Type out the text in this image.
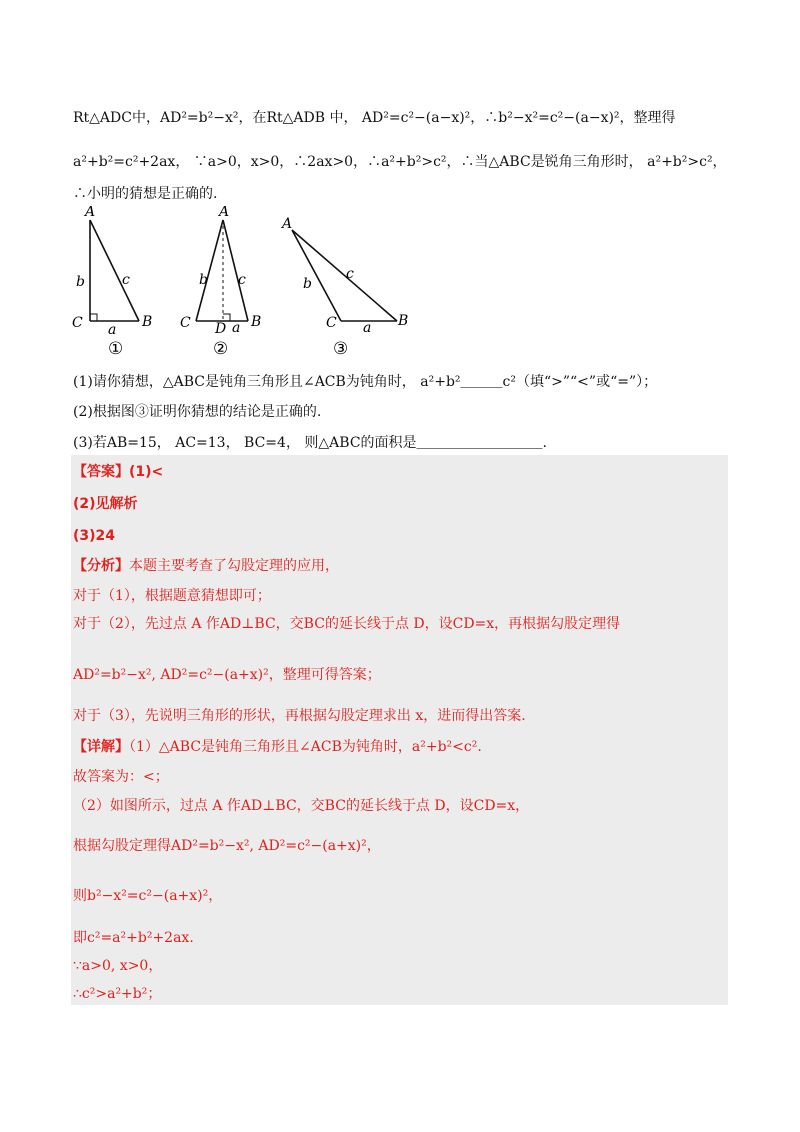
Rt△ADC中，AD²=b²−x²，在Rt△ADB 中， AD²=c²−(a−x)²，∴b²−x²=c²−(a−x)²，整理得
a²+b²=c²+2ax， ∵a>0，x>0，∴2ax>0，∴a²+b²>c²，∴当△ABC是锐角三角形时， a²+b²>c²，
∴小明的猜想是正确的.
A
b	c
C a B
①
A
b c
C D a B
②
A
b
c
C a B
③
(1)请你猜想，△ABC是钝角三角形且∠ACB为钝角时， a²+b²＿＿＿c²（填“>”“<”或“=”）；
(2)根据图③证明你猜想的结论是正确的.
(3)若AB=15， AC=13， BC=4， 则△ABC的面积是＿＿＿＿＿＿＿＿＿.
【答案】(1)<
(2)见解析
(3)24
【分析】本题主要考查了勾股定理的应用，
对于（1），根据题意猜想即可；
对于（2），先过点 A 作AD⊥BC，交BC的延长线于点 D，设CD=x，再根据勾股定理得
AD²=b²−x², AD²=c²−(a+x)²，整理可得答案；
对于（3），先说明三角形的形状，再根据勾股定理求出 x，进而得出答案.
【详解】（1）△ABC是钝角三角形且∠ACB为钝角时，a²+b²<c².
故答案为：<；
（2）如图所示，过点 A 作AD⊥BC，交BC的延长线于点 D，设CD=x，
根据勾股定理得AD²=b²−x², AD²=c²−(a+x)²，
则b²−x²=c²−(a+x)²，
即c²=a²+b²+2ax.
∵a>0, x>0，
∴c²>a²+b²；
